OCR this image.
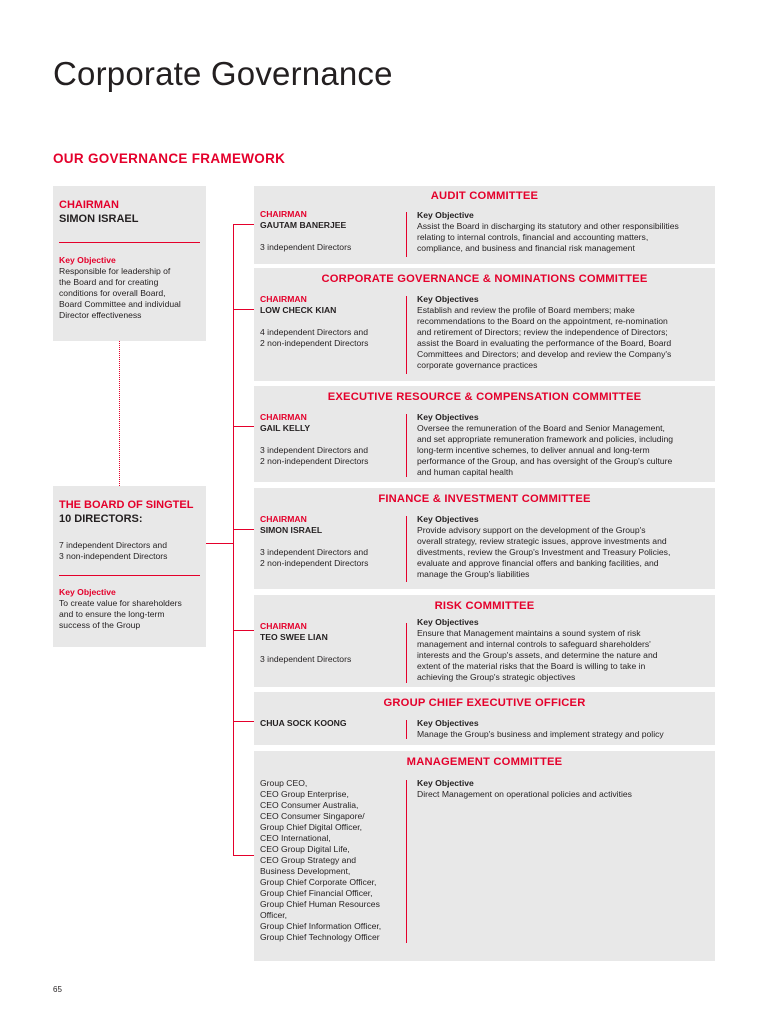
Corporate Governance
OUR GOVERNANCE FRAMEWORK
CHAIRMAN
SIMON ISRAEL
Key Objective
Responsible for leadership of
the Board and for creating
conditions for overall Board,
Board Committee and individual
Director effectiveness
THE BOARD OF SINGTEL
10 DIRECTORS:
7 independent Directors and
3 non-independent Directors
Key Objective
To create value for shareholders
and to ensure the long-term
success of the Group
AUDIT COMMITTEE
CHAIRMAN
GAUTAM BANERJEE
3 independent Directors
Key Objective
Assist the Board in discharging its statutory and other responsibilities
relating to internal controls, financial and accounting matters,
compliance, and business and financial risk management
CORPORATE GOVERNANCE & NOMINATIONS COMMITTEE
CHAIRMAN
LOW CHECK KIAN
4 independent Directors and
2 non-independent Directors
Key Objectives
Establish and review the profile of Board members; make
recommendations to the Board on the appointment, re-nomination
and retirement of Directors; review the independence of Directors;
assist the Board in evaluating the performance of the Board, Board
Committees and Directors; and develop and review the Company's
corporate governance practices
EXECUTIVE RESOURCE & COMPENSATION COMMITTEE
CHAIRMAN
GAIL KELLY
3 independent Directors and
2 non-independent Directors
Key Objectives
Oversee the remuneration of the Board and Senior Management,
and set appropriate remuneration framework and policies, including
long-term incentive schemes, to deliver annual and long-term
performance of the Group, and has oversight of the Group's culture
and human capital health
FINANCE & INVESTMENT COMMITTEE
CHAIRMAN
SIMON ISRAEL
3 independent Directors and
2 non-independent Directors
Key Objectives
Provide advisory support on the development of the Group's
overall strategy, review strategic issues, approve investments and
divestments, review the Group's Investment and Treasury Policies,
evaluate and approve financial offers and banking facilities, and
manage the Group's liabilities
RISK COMMITTEE
CHAIRMAN
TEO SWEE LIAN
3 independent Directors
Key Objectives
Ensure that Management maintains a sound system of risk
management and internal controls to safeguard shareholders'
interests and the Group's assets, and determine the nature and
extent of the material risks that the Board is willing to take in
achieving the Group's strategic objectives
GROUP CHIEF EXECUTIVE OFFICER
CHUA SOCK KOONG	Key Objectives
Manage the Group's business and implement strategy and policy
MANAGEMENT COMMITTEE
Group CEO,
CEO Group Enterprise,
CEO Consumer Australia,
CEO Consumer Singapore/
Group Chief Digital Officer,
CEO International,
CEO Group Digital Life,
CEO Group Strategy and
Business Development,
Group Chief Corporate Officer,
Group Chief Financial Officer,
Group Chief Human Resources
Officer,
Group Chief Information Officer,
Group Chief Technology Officer
Key Objective
Direct Management on operational policies and activities
65
